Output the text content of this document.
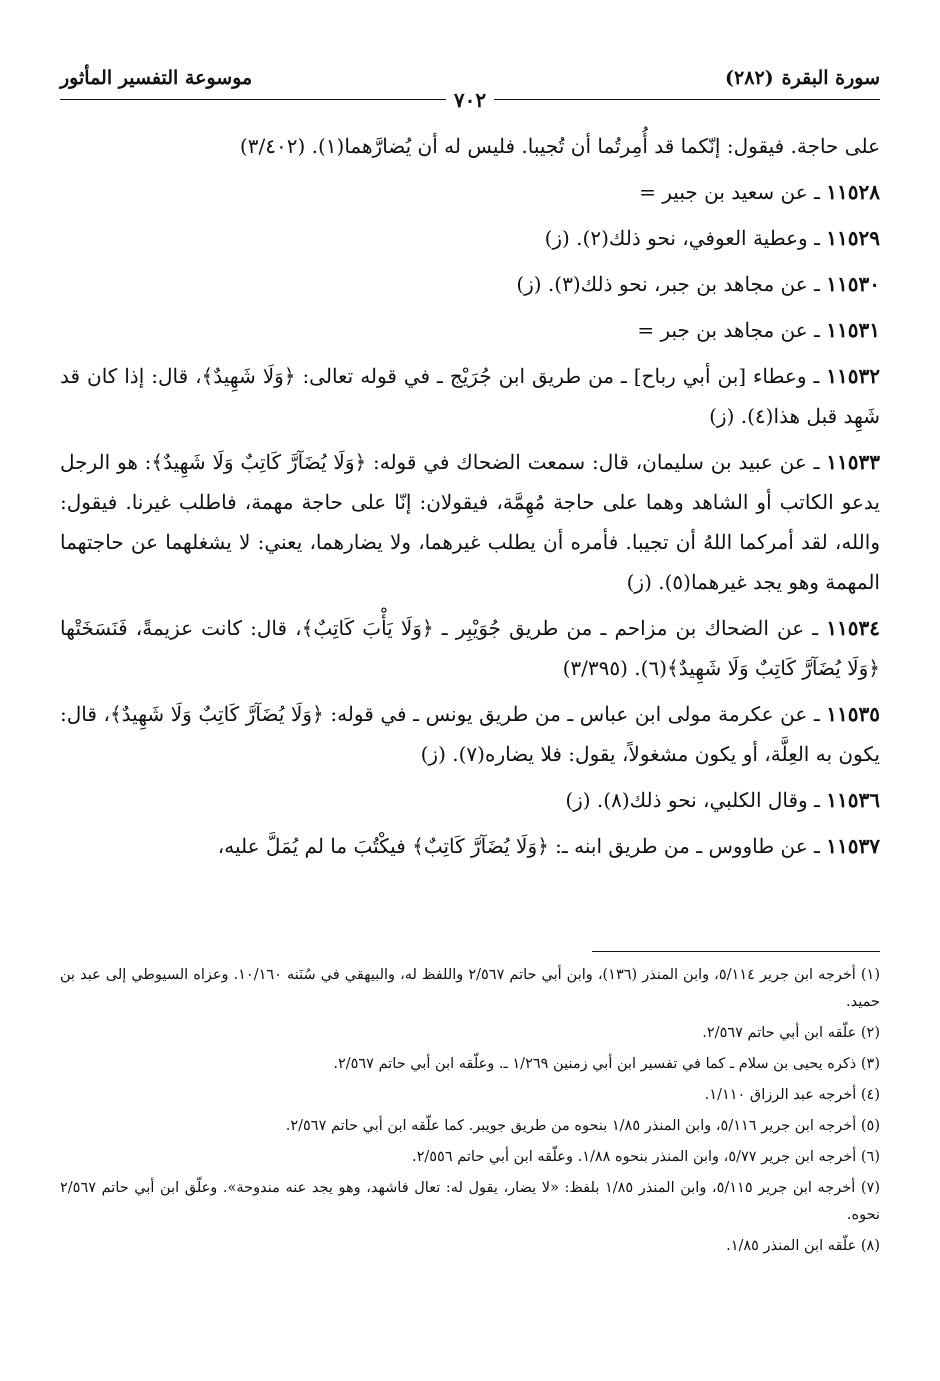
سورة البقرة
(٢٨٢)
موسوعة التفسير المأثور
٧٠٢

على حاجة. فيقول: إنّكما قد أُمِرتُما أن تُجيبا. فليس له أن يُضارَّهما(١). (٣/٤٠٢)

١١٥٢٨ ـ عن سعيد بن جبير =

١١٥٢٩ ـ وعطية العوفي، نحو ذلك(٢). (ز)

١١٥٣٠ ـ عن مجاهد بن جبر، نحو ذلك(٣). (ز)

١١٥٣١ ـ عن مجاهد بن جبر =

١١٥٣٢ ـ وعطاء [بن أبي رباح] ـ من طريق ابن جُرَيْج ـ في قوله تعالى: ﴿وَلَا شَهِيدٌ﴾، قال: إذا كان قد شَهِد قبل هذا(٤). (ز)

١١٥٣٣ ـ عن عبيد بن سليمان، قال: سمعت الضحاك في قوله: ﴿وَلَا يُضَآرَّ كَاتِبٌ وَلَا شَهِيدٌ﴾: هو الرجل يدعو الكاتب أو الشاهد وهما على حاجة مُهِمَّة، فيقولان: إنّا على حاجة مهمة، فاطلب غيرنا. فيقول: والله، لقد أمركما اللهُ أن تجيبا. فأمره أن يطلب غيرهما، ولا يضارهما، يعني: لا يشغلهما عن حاجتهما المهمة وهو يجد غيرهما(٥). (ز)

١١٥٣٤ ـ عن الضحاك بن مزاحم ـ من طريق جُوَيْبِر ـ ﴿وَلَا يَأْبَ كَاتِبٌ﴾، قال: كانت عزيمةً، فَنَسَخَتْها ﴿وَلَا يُضَآرَّ كَاتِبٌ وَلَا شَهِيدٌ﴾(٦). (٣/٣٩٥)

١١٥٣٥ ـ عن عكرمة مولى ابن عباس ـ من طريق يونس ـ في قوله: ﴿وَلَا يُضَآرَّ كَاتِبٌ وَلَا شَهِيدٌ﴾، قال: يكون به العِلَّة، أو يكون مشغولاً، يقول: فلا يضاره(٧). (ز)

١١٥٣٦ ـ وقال الكلبي، نحو ذلك(٨). (ز)

١١٥٣٧ ـ عن طاووس ـ من طريق ابنه ـ: ﴿وَلَا يُضَآرَّ كَاتِبٌ﴾ فيكْتُبَ ما لم يُمَلَّ عليه،

(١) أخرجه ابن جرير ٥/١١٤، وابن المنذر (١٣٦)، وابن أبي حاتم ٢/٥٦٧ واللفظ له، والبيهقي في سُنَنه ١٠/١٦٠. وعزاه السيوطي إلى عبد بن حميد.

(٢) علّقه ابن أبي حاتم ٢/٥٦٧.

(٣) ذكره يحيى بن سلام ـ كما في تفسير ابن أبي زمنين ١/٢٦٩ ـ. وعلّقه ابن أبي حاتم ٢/٥٦٧.

(٤) أخرجه عبد الرزاق ١/١١٠.

(٥) أخرجه ابن جرير ٥/١١٦، وابن المنذر ١/٨٥ بنحوه من طريق جويبر. كما علّقه ابن أبي حاتم ٢/٥٦٧.

(٦) أخرجه ابن جرير ٥/٧٧، وابن المنذر بنحوه ١/٨٨. وعلّقه ابن أبي حاتم ٢/٥٥٦.

(٧) أخرجه ابن جرير ٥/١١٥، وابن المنذر ١/٨٥ بلفظ: «لا يضار، يقول له: تعال فاشهد، وهو يجد عنه مندوحة». وعلّق ابن أبي حاتم ٢/٥٦٧ نحوه.

(٨) علّقه ابن المنذر ١/٨٥.
